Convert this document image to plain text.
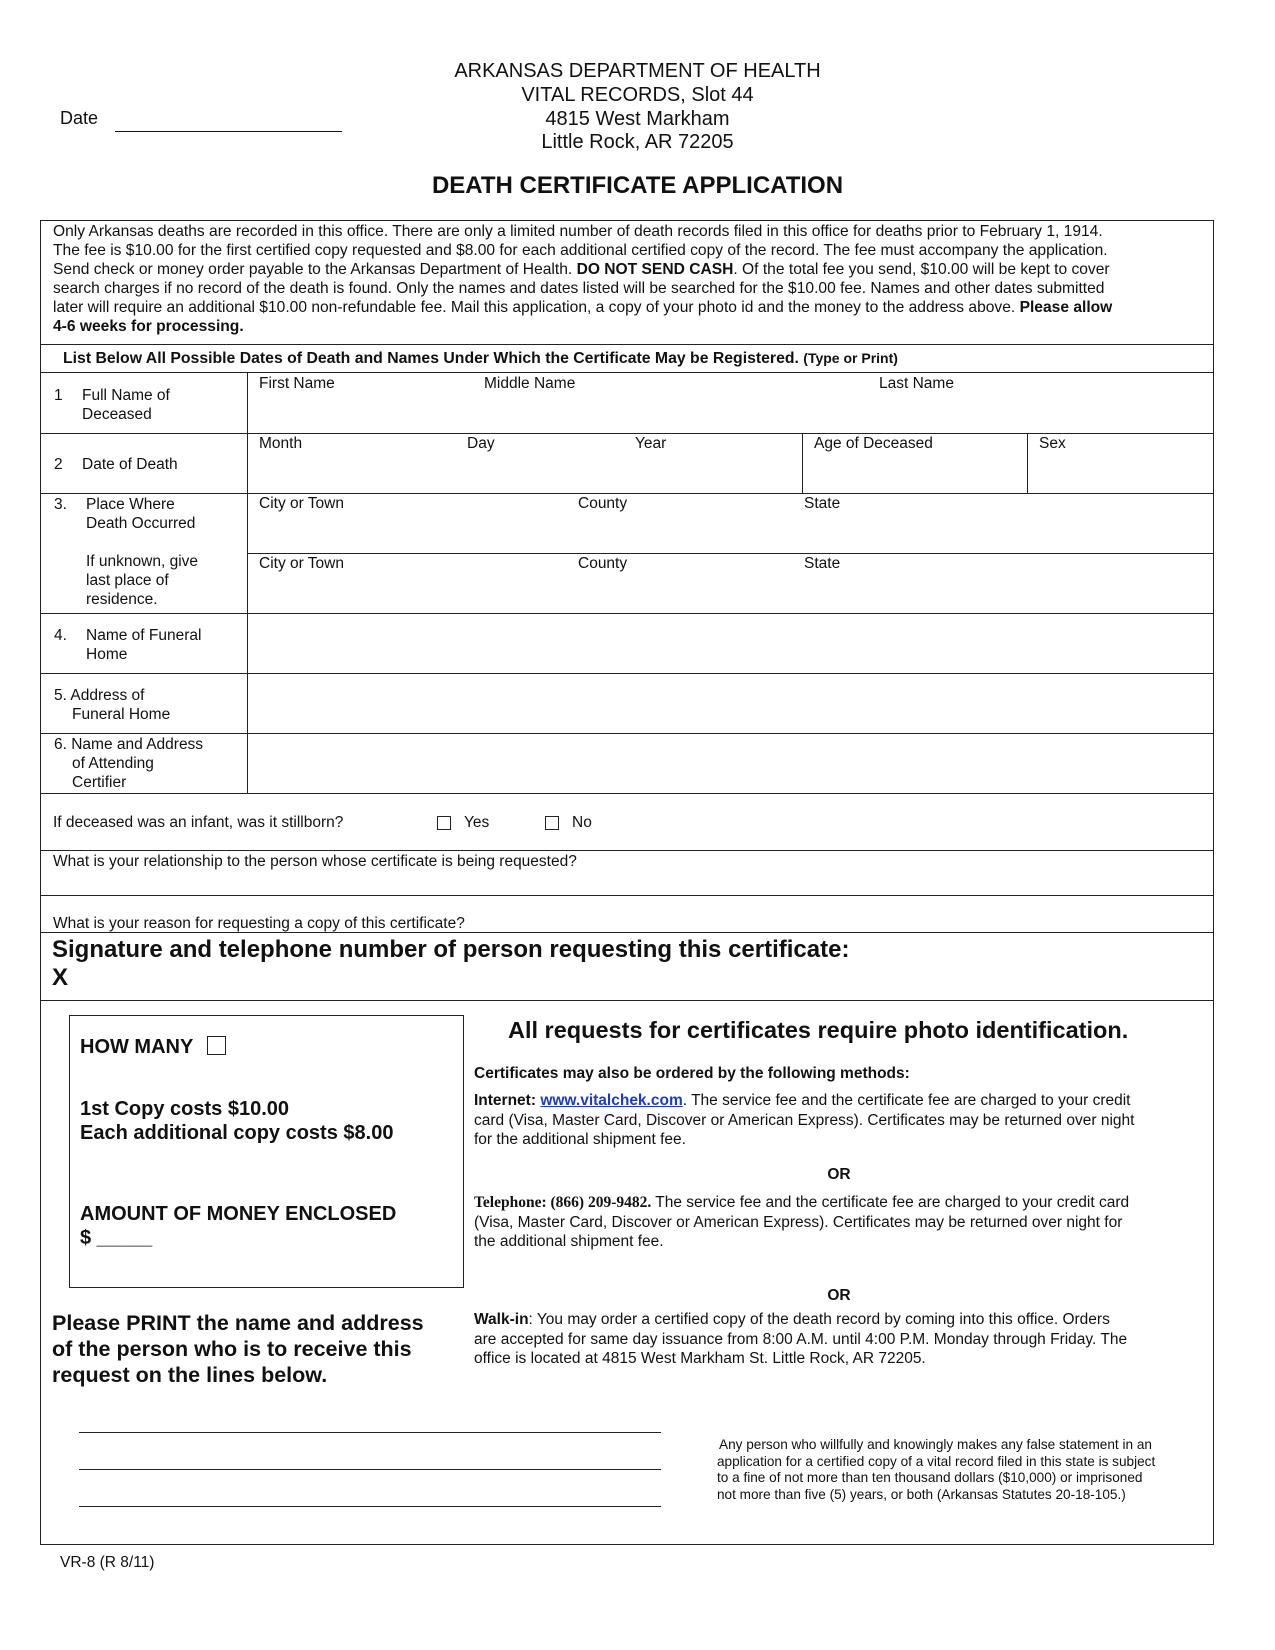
ARKANSAS DEPARTMENT OF HEALTH
VITAL RECORDS, Slot 44
4815 West Markham
Little Rock, AR 72205
Date
DEATH CERTIFICATE APPLICATION
Only Arkansas deaths are recorded in this office. There are only a limited number of death records filed in this office for deaths prior to February 1, 1914.
The fee is $10.00 for the first certified copy requested and $8.00 for each additional certified copy of the record. The fee must accompany the application.
Send check or money order payable to the Arkansas Department of Health. DO NOT SEND CASH. Of the total fee you send, $10.00 will be kept to cover
search charges if no record of the death is found. Only the names and dates listed will be searched for the $10.00 fee. Names and other dates submitted
later will require an additional $10.00 non-refundable fee. Mail this application, a copy of your photo id and the money to the address above. Please allow
4-6 weeks for processing.
List Below All Possible Dates of Death and Names Under Which the Certificate May be Registered. (Type or Print)
1 Full Name of
Deceased
First Name	Middle Name	Last Name
2 Date of Death
Month	Day	Year	Age of Deceased	Sex
3. Place Where
Death Occurred
If unknown, give
last place of
residence.
City or Town	County	State
City or Town	County	State
4. Name of Funeral
Home
5. Address of
Funeral Home
6. Name and Address
of Attending
Certifier
If deceased was an infant, was it stillborn?	Yes	No
What is your relationship to the person whose certificate is being requested?
What is your reason for requesting a copy of this certificate?
Signature and telephone number of person requesting this certificate:
X
HOW MANY
1st Copy costs $10.00
Each additional copy costs $8.00
AMOUNT OF MONEY ENCLOSED
$ _____
Please PRINT the name and address
of the person who is to receive this
request on the lines below.
All requests for certificates require photo identification.
Certificates may also be ordered by the following methods:
Internet: www.vitalchek.com. The service fee and the certificate fee are charged to your credit
card (Visa, Master Card, Discover or American Express). Certificates may be returned over night
for the additional shipment fee.
OR
Telephone: (866) 209-9482. The service fee and the certificate fee are charged to your credit card
(Visa, Master Card, Discover or American Express). Certificates may be returned over night for
the additional shipment fee.
OR
Walk-in: You may order a certified copy of the death record by coming into this office. Orders
are accepted for same day issuance from 8:00 A.M. until 4:00 P.M. Monday through Friday. The
office is located at 4815 West Markham St. Little Rock, AR 72205.
Any person who willfully and knowingly makes any false statement in an
application for a certified copy of a vital record filed in this state is subject
to a fine of not more than ten thousand dollars ($10,000) or imprisoned
not more than five (5) years, or both (Arkansas Statutes 20-18-105.)
VR-8 (R 8/11)
